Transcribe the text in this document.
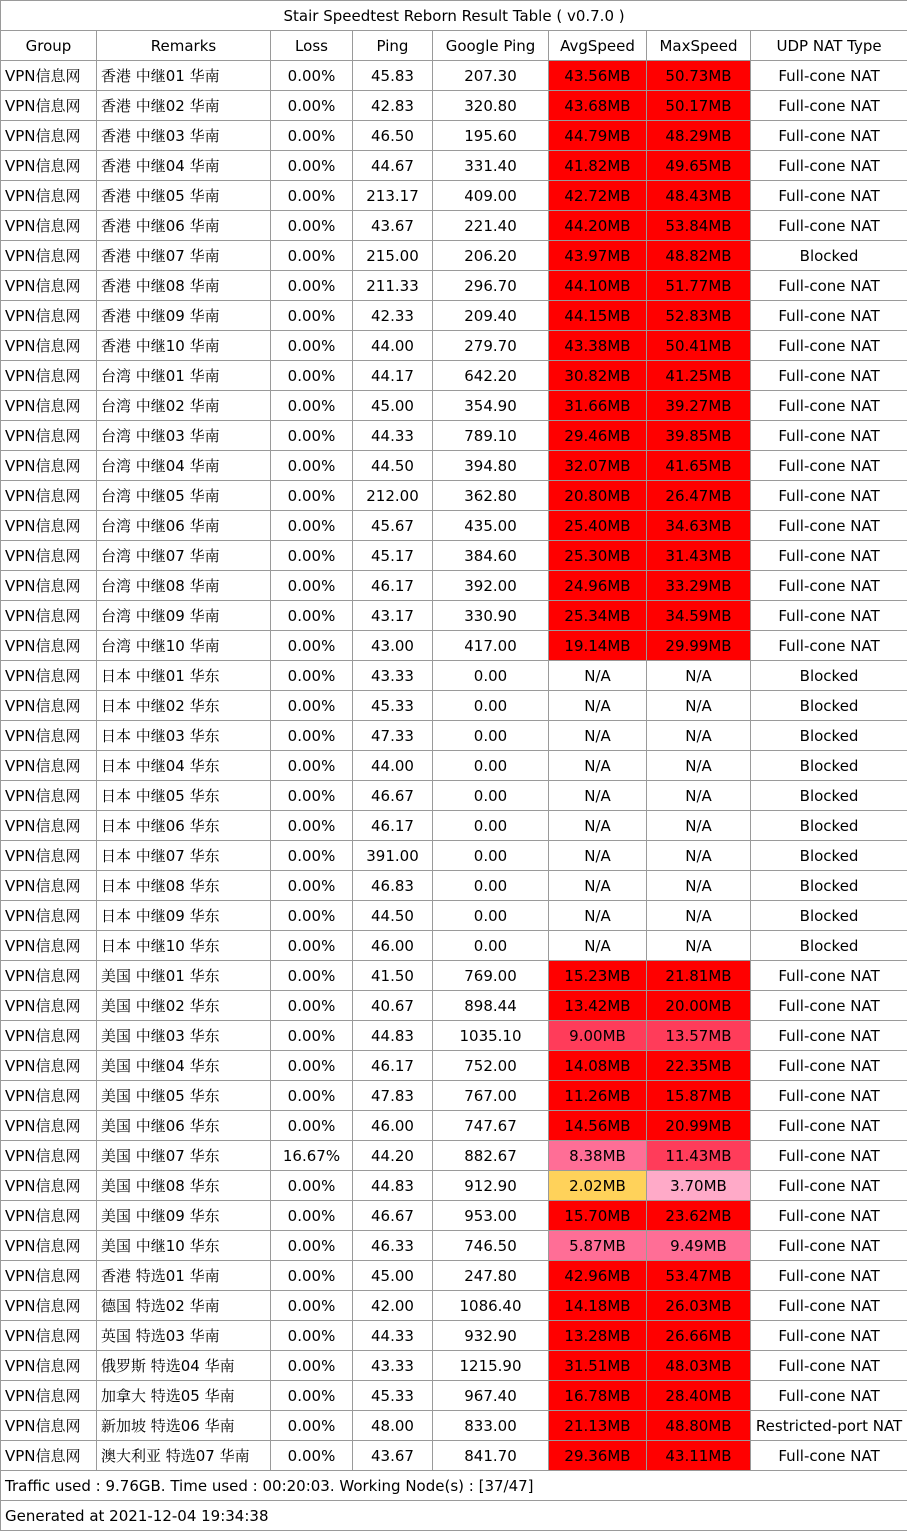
Stair Speedtest Reborn Result Table ( v0.7.0 )							
Group	Remarks	Loss	Ping	Google Ping	AvgSpeed	MaxSpeed	UDP NAT Type
VPN信息网	香港 中继01 华南	0.00%	45.83	207.30	43.56MB	50.73MB	Full-cone NAT
VPN信息网	香港 中继02 华南	0.00%	42.83	320.80	43.68MB	50.17MB	Full-cone NAT
VPN信息网	香港 中继03 华南	0.00%	46.50	195.60	44.79MB	48.29MB	Full-cone NAT
VPN信息网	香港 中继04 华南	0.00%	44.67	331.40	41.82MB	49.65MB	Full-cone NAT
VPN信息网	香港 中继05 华南	0.00%	213.17	409.00	42.72MB	48.43MB	Full-cone NAT
VPN信息网	香港 中继06 华南	0.00%	43.67	221.40	44.20MB	53.84MB	Full-cone NAT
VPN信息网	香港 中继07 华南	0.00%	215.00	206.20	43.97MB	48.82MB	Blocked
VPN信息网	香港 中继08 华南	0.00%	211.33	296.70	44.10MB	51.77MB	Full-cone NAT
VPN信息网	香港 中继09 华南	0.00%	42.33	209.40	44.15MB	52.83MB	Full-cone NAT
VPN信息网	香港 中继10 华南	0.00%	44.00	279.70	43.38MB	50.41MB	Full-cone NAT
VPN信息网	台湾 中继01 华南	0.00%	44.17	642.20	30.82MB	41.25MB	Full-cone NAT
VPN信息网	台湾 中继02 华南	0.00%	45.00	354.90	31.66MB	39.27MB	Full-cone NAT
VPN信息网	台湾 中继03 华南	0.00%	44.33	789.10	29.46MB	39.85MB	Full-cone NAT
VPN信息网	台湾 中继04 华南	0.00%	44.50	394.80	32.07MB	41.65MB	Full-cone NAT
VPN信息网	台湾 中继05 华南	0.00%	212.00	362.80	20.80MB	26.47MB	Full-cone NAT
VPN信息网	台湾 中继06 华南	0.00%	45.67	435.00	25.40MB	34.63MB	Full-cone NAT
VPN信息网	台湾 中继07 华南	0.00%	45.17	384.60	25.30MB	31.43MB	Full-cone NAT
VPN信息网	台湾 中继08 华南	0.00%	46.17	392.00	24.96MB	33.29MB	Full-cone NAT
VPN信息网	台湾 中继09 华南	0.00%	43.17	330.90	25.34MB	34.59MB	Full-cone NAT
VPN信息网	台湾 中继10 华南	0.00%	43.00	417.00	19.14MB	29.99MB	Full-cone NAT
VPN信息网	日本 中继01 华东	0.00%	43.33	0.00	N/A	N/A	Blocked
VPN信息网	日本 中继02 华东	0.00%	45.33	0.00	N/A	N/A	Blocked
VPN信息网	日本 中继03 华东	0.00%	47.33	0.00	N/A	N/A	Blocked
VPN信息网	日本 中继04 华东	0.00%	44.00	0.00	N/A	N/A	Blocked
VPN信息网	日本 中继05 华东	0.00%	46.67	0.00	N/A	N/A	Blocked
VPN信息网	日本 中继06 华东	0.00%	46.17	0.00	N/A	N/A	Blocked
VPN信息网	日本 中继07 华东	0.00%	391.00	0.00	N/A	N/A	Blocked
VPN信息网	日本 中继08 华东	0.00%	46.83	0.00	N/A	N/A	Blocked
VPN信息网	日本 中继09 华东	0.00%	44.50	0.00	N/A	N/A	Blocked
VPN信息网	日本 中继10 华东	0.00%	46.00	0.00	N/A	N/A	Blocked
VPN信息网	美国 中继01 华东	0.00%	41.50	769.00	15.23MB	21.81MB	Full-cone NAT
VPN信息网	美国 中继02 华东	0.00%	40.67	898.44	13.42MB	20.00MB	Full-cone NAT
VPN信息网	美国 中继03 华东	0.00%	44.83	1035.10	9.00MB	13.57MB	Full-cone NAT
VPN信息网	美国 中继04 华东	0.00%	46.17	752.00	14.08MB	22.35MB	Full-cone NAT
VPN信息网	美国 中继05 华东	0.00%	47.83	767.00	11.26MB	15.87MB	Full-cone NAT
VPN信息网	美国 中继06 华东	0.00%	46.00	747.67	14.56MB	20.99MB	Full-cone NAT
VPN信息网	美国 中继07 华东	16.67%	44.20	882.67	8.38MB	11.43MB	Full-cone NAT
VPN信息网	美国 中继08 华东	0.00%	44.83	912.90	2.02MB	3.70MB	Full-cone NAT
VPN信息网	美国 中继09 华东	0.00%	46.67	953.00	15.70MB	23.62MB	Full-cone NAT
VPN信息网	美国 中继10 华东	0.00%	46.33	746.50	5.87MB	9.49MB	Full-cone NAT
VPN信息网	香港 特选01 华南	0.00%	45.00	247.80	42.96MB	53.47MB	Full-cone NAT
VPN信息网	德国 特选02 华南	0.00%	42.00	1086.40	14.18MB	26.03MB	Full-cone NAT
VPN信息网	英国 特选03 华南	0.00%	44.33	932.90	13.28MB	26.66MB	Full-cone NAT
VPN信息网	俄罗斯 特选04 华南	0.00%	43.33	1215.90	31.51MB	48.03MB	Full-cone NAT
VPN信息网	加拿大 特选05 华南	0.00%	45.33	967.40	16.78MB	28.40MB	Full-cone NAT
VPN信息网	新加坡 特选06 华南	0.00%	48.00	833.00	21.13MB	48.80MB	Restricted-port NAT
VPN信息网	澳大利亚 特选07 华南	0.00%	43.67	841.70	29.36MB	43.11MB	Full-cone NAT
Traffic used : 9.76GB. Time used : 00:20:03. Working Node(s) : [37/47]							
Generated at 2021-12-04 19:34:38							
